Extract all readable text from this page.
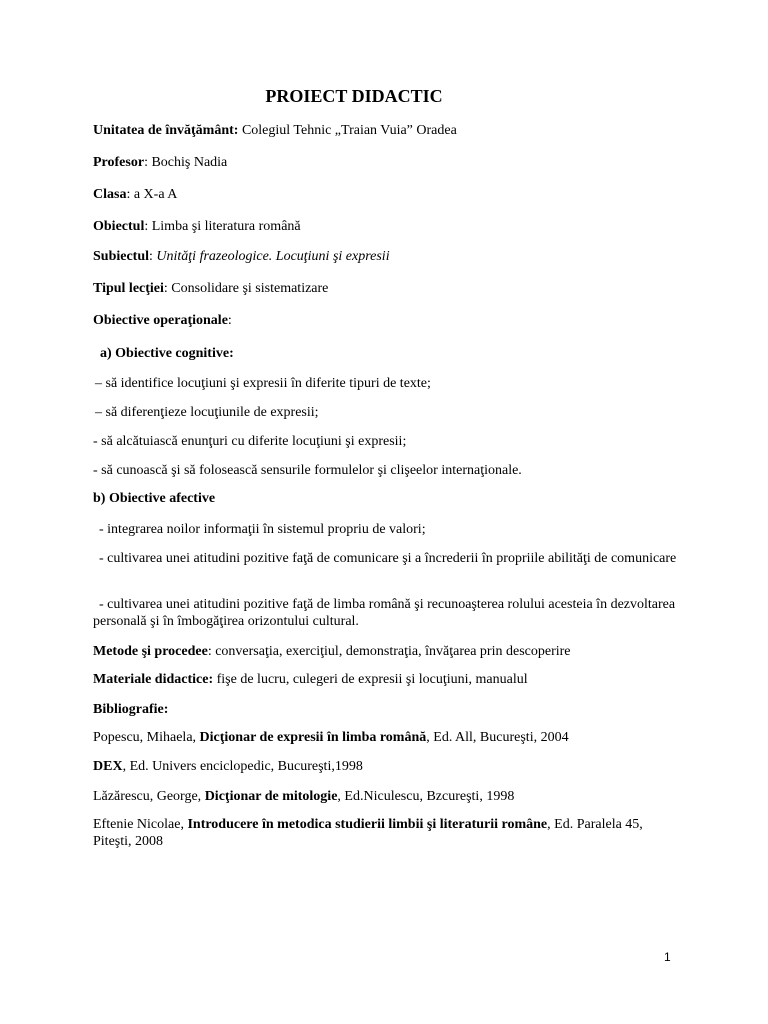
PROIECT DIDACTIC
Unitatea de învăţământ: Colegiul Tehnic „Traian Vuia” Oradea
Profesor: Bochiş Nadia
Clasa: a X-a A
Obiectul: Limba şi literatura română
Subiectul: Unităţi frazeologice. Locuţiuni şi expresii
Tipul lecţiei: Consolidare şi sistematizare
Obiective operaţionale:
a) Obiective cognitive:
– să identifice locuţiuni şi expresii în diferite tipuri de texte;
– să diferenţieze locuţiunile de expresii;
- să alcătuiască enunţuri cu diferite locuţiuni şi expresii;
- să cunoască şi să folosească sensurile formulelor şi clişeelor internaţionale.
b) Obiective afective
- integrarea noilor informaţii în sistemul propriu de valori;
- cultivarea unei atitudini pozitive faţă de comunicare şi a încrederii în propriile abilităţi de comunicare
- cultivarea unei atitudini pozitive faţă de limba română şi recunoaşterea rolului acesteia în dezvoltarea personală şi în îmbogăţirea orizontului cultural.
Metode şi procedee: conversaţia, exerciţiul, demonstraţia, învăţarea prin descoperire
Materiale didactice: fişe de lucru, culegeri de expresii şi locuţiuni, manualul
Bibliografie:
Popescu, Mihaela, Dicţionar de expresii în limba română, Ed. All, Bucureşti, 2004
DEX, Ed. Univers enciclopedic, Bucureşti,1998
Lăzărescu, George, Dicţionar de mitologie, Ed.Niculescu, Bzcureşti, 1998
Eftenie Nicolae, Introducere în metodica studierii limbii şi literaturii române, Ed. Paralela 45, Piteşti, 2008
1
